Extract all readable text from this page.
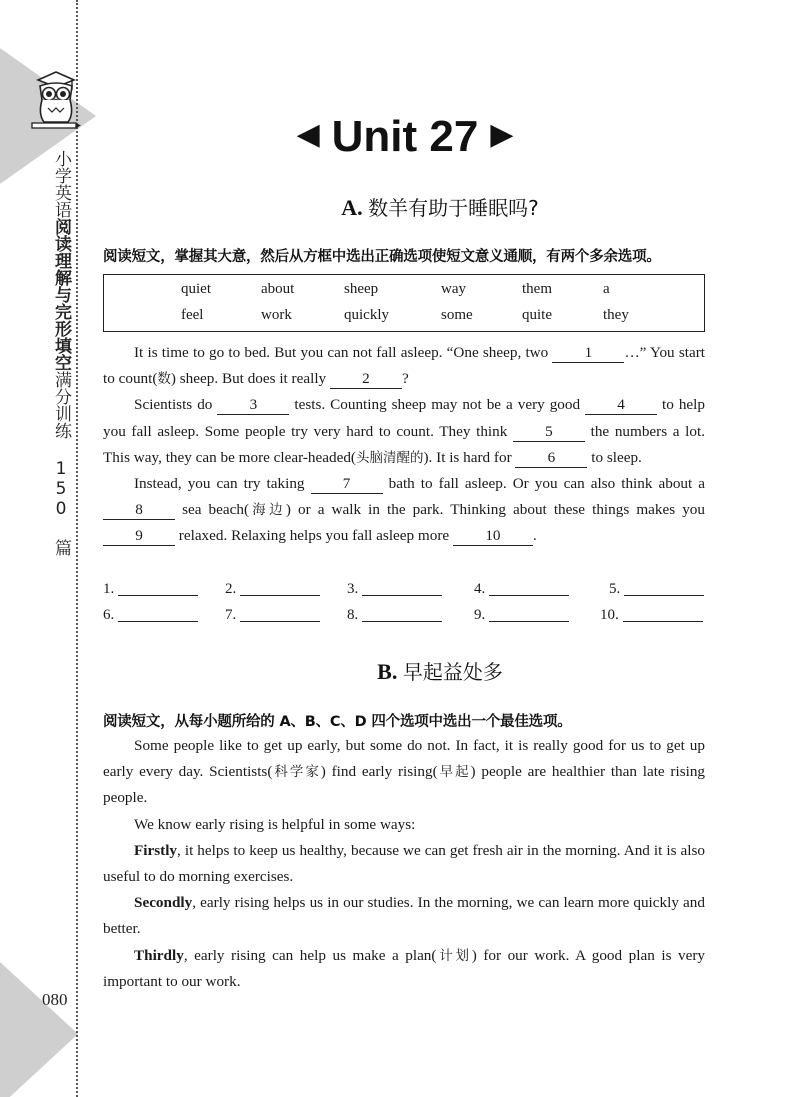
小学英语阅读理解与完形填空满分训练 150 篇
080
◀ Unit 27 ▶
A. 数羊有助于睡眠吗?
阅读短文，掌握其大意，然后从方框中选出正确选项使短文意义通顺，有两个多余选项。
quiet	about	sheep	way	them	a
feel	work	quickly	some	quite	they

It is time to go to bed. But you can not fall asleep. “One sheep, two 1 …” You start to count(数) sheep. But does it really 2 ?

Scientists do 3 tests. Counting sheep may not be a very good 4 to help you fall asleep. Some people try very hard to count. They think 5 the numbers a lot. This way, they can be more clear-headed(头脑清醒的). It is hard for 6 to sleep.

Instead, you can try taking 7 bath to fall asleep. Or you can also think about a 8 sea beach(海边) or a walk in the park. Thinking about these things makes you 9 relaxed. Relaxing helps you fall asleep more 10 .

1.	2.	3.	4.	5.
6.	7.	8.	9.	10.
B. 早起益处多
阅读短文，从每小题所给的 A、B、C、D 四个选项中选出一个最佳选项。

Some people like to get up early, but some do not. In fact, it is really good for us to get up early every day. Scientists(科学家) find early rising(早起) people are healthier than late rising people.

We know early rising is helpful in some ways:

Firstly, it helps to keep us healthy, because we can get fresh air in the morning. And it is also useful to do morning exercises.

Secondly, early rising helps us in our studies. In the morning, we can learn more quickly and better.

Thirdly, early rising can help us make a plan(计划) for our work. A good plan is very important to our work.
